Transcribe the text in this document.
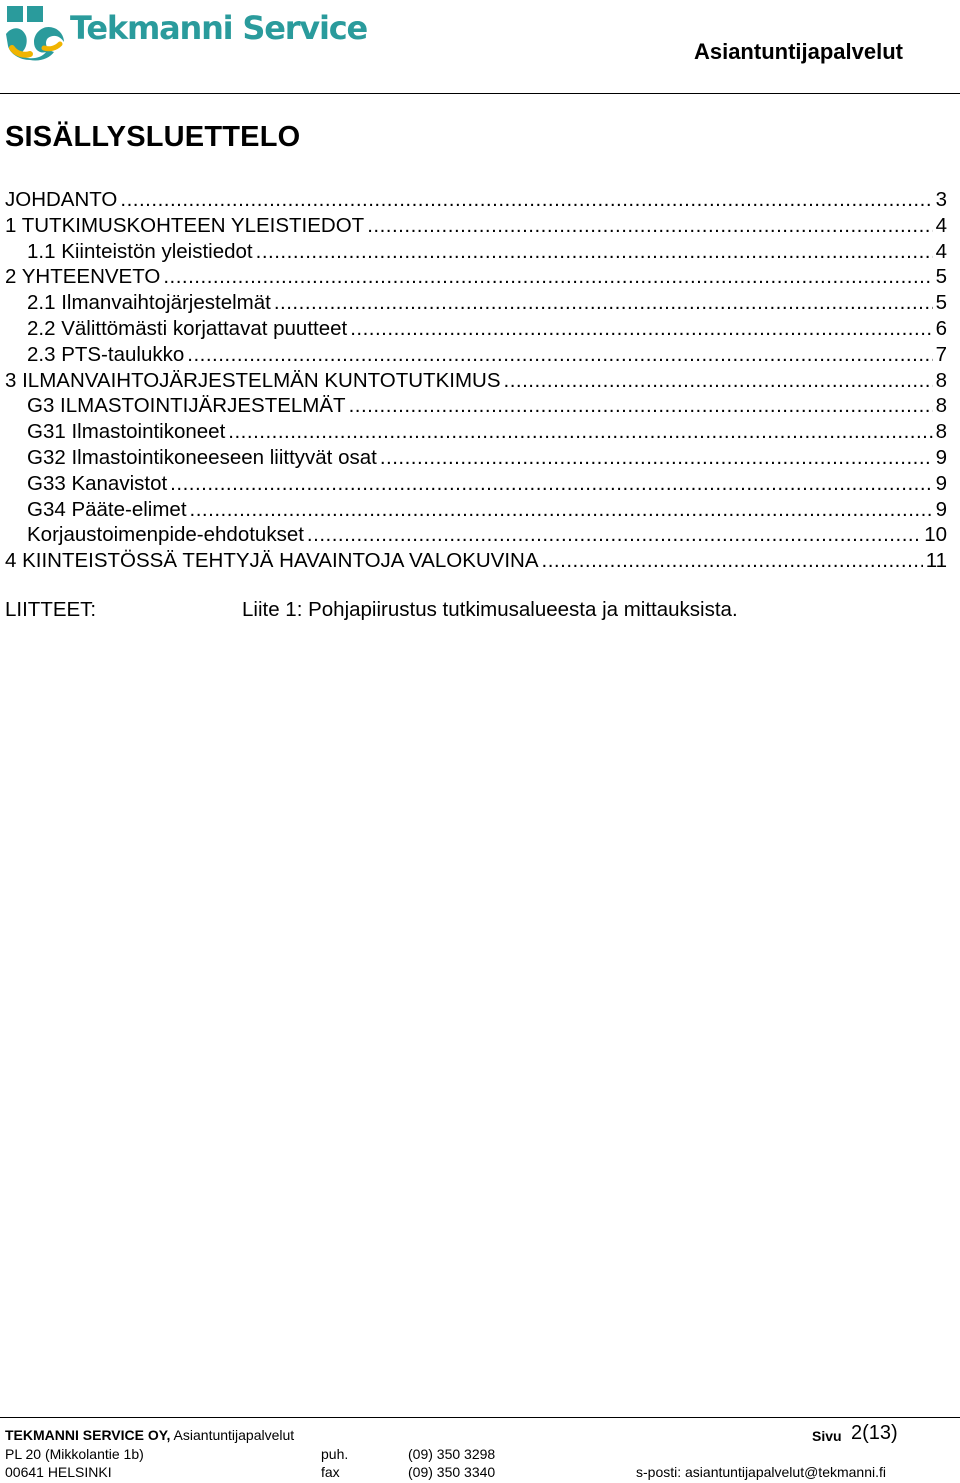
Tekmanni Service
Asiantuntijapalvelut
SISÄLLYSLUETTELO
JOHDANTO .....	3
1 TUTKIMUSKOHTEEN YLEISTIEDOT .....	4
1.1 Kiinteistön yleistiedot .....	4
2 YHTEENVETO .....	5
2.1 Ilmanvaihtojärjestelmät .....	5
2.2 Välittömästi korjattavat puutteet .....	6
2.3 PTS-taulukko .....	7
3 ILMANVAIHTOJÄRJESTELMÄN KUNTOTUTKIMUS .....	8
G3 ILMASTOINTIJÄRJESTELMÄT .....	8
G31 Ilmastointikoneet .....	8
G32 Ilmastointikoneeseen liittyvät osat .....	9
G33 Kanavistot .....	9
G34 Pääte-elimet .....	9
Korjaustoimenpide-ehdotukset .....	10
4 KIINTEISTÖSSÄ TEHTYJÄ HAVAINTOJA VALOKUVINA .....	11
LIITTEET:	Liite 1: Pohjapiirustus tutkimusalueesta ja mittauksista.
TEKMANNI SERVICE OY, Asiantuntijapalvelut	Sivu 2(13)
PL 20 (Mikkolantie 1b)
00641 HELSINKI
puh.	(09) 350 3298
fax	(09) 350 3340	s-posti: asiantuntijapalvelut@tekmanni.fi
